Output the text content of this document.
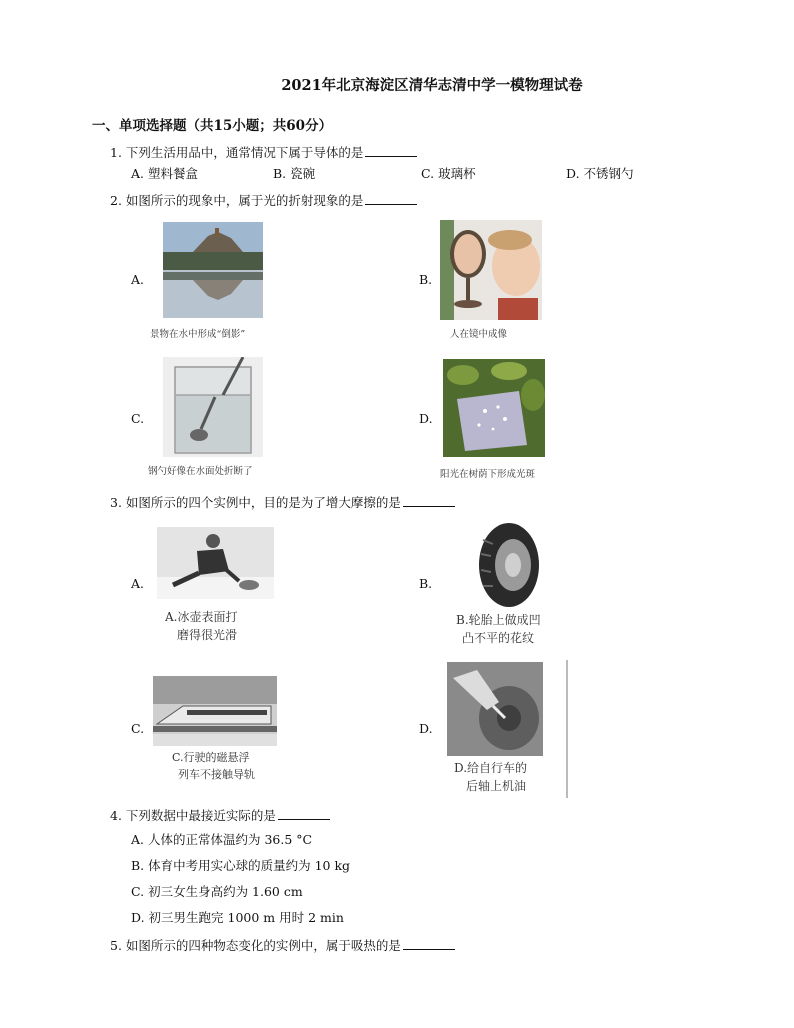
2021年北京海淀区清华志清中学一模物理试卷
一、单项选择题（共15小题；共60分）
1. 下列生活用品中，通常情况下属于导体的是
A. 塑料餐盒	B. 瓷碗	C. 玻璃杯	D. 不锈钢勺
2. 如图所示的现象中，属于光的折射现象的是
A.
景物在水中形成“倒影”
B.
人在镜中成像
C.
钢勺好像在水面处折断了
D.
阳光在树荫下形成光斑
3. 如图所示的四个实例中，目的是为了增大摩擦的是
A.
A.冰壶表面打
磨得很光滑
B.
B.轮胎上做成凹
凸不平的花纹
C.
C.行驶的磁悬浮
列车不接触导轨
D.
D.给自行车的
后轴上机油
4. 下列数据中最接近实际的是
A. 人体的正常体温约为 36.5 °C
B. 体育中考用实心球的质量约为 10 kg
C. 初三女生身高约为 1.60 cm
D. 初三男生跑完 1000 m 用时 2 min
5. 如图所示的四种物态变化的实例中，属于吸热的是
